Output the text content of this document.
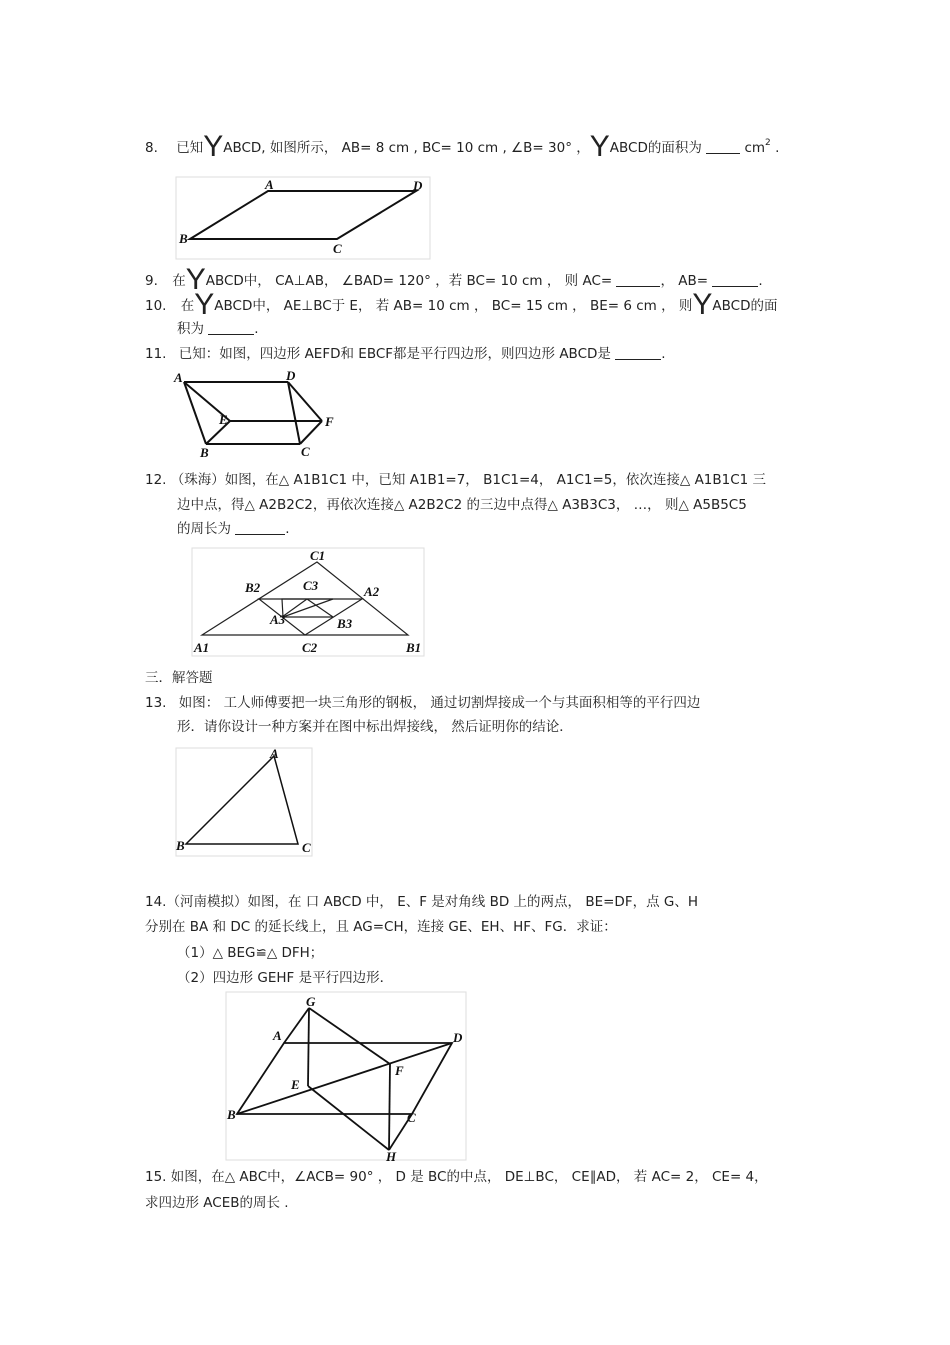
8. 已知YABCD, 如图所示， AB= 8 cm , BC= 10 cm , ∠B= 30° ，YABCD的面积为	$cm^2$ .
A	D
B
C
9. 在YABCD中， CA⊥AB， ∠BAD= 120° ，若 BC= 10 cm ， 则 AC=	， AB=	.
10. 在YABCD中， AE⊥BC于 E， 若 AB= 10 cm ， BC= 15 cm ， BE= 6 cm ， 则YABCD的面
积为	.
11. 已知：如图，四边形 AEFD和 EBCF都是平行四边形，则四边形 ABCD是	.
A	D
E	F
B	C
12. （珠海）如图，在△ A1B1C1 中，已知 A1B1=7， B1C1=4， A1C1=5，依次连接△ A1B1C1 三
边中点，得△ A2B2C2，再依次连接△ A2B2C2 的三边中点得△ A3B3C3， …， 则△ A5B5C5
的周长为	.
C1
B2	C3	A2
A3	B3
A1	C2	B1
三．解答题
13. 如图： 工人师傅要把一块三角形的钢板， 通过切割焊接成一个与其面积相等的平行四边
形．请你设计一种方案并在图中标出焊接线， 然后证明你的结论．
A
B	C
14.（河南模拟）如图，在 口 ABCD 中， E、F 是对角线 BD 上的两点， BE=DF，点 G、H
分别在 BA 和 DC 的延长线上，且 AG=CH，连接 GE、EH、HF、FG．求证：
（1）△ BEG≌△ DFH；
（2）四边形 GEHF 是平行四边形．
G
A	D
F
E
B	C
H
15. 如图，在△ ABC中，∠ACB= 90° ， D 是 BC的中点， DE⊥BC， CE∥AD， 若 AC= 2， CE= 4，
求四边形 ACEB的周长 .
